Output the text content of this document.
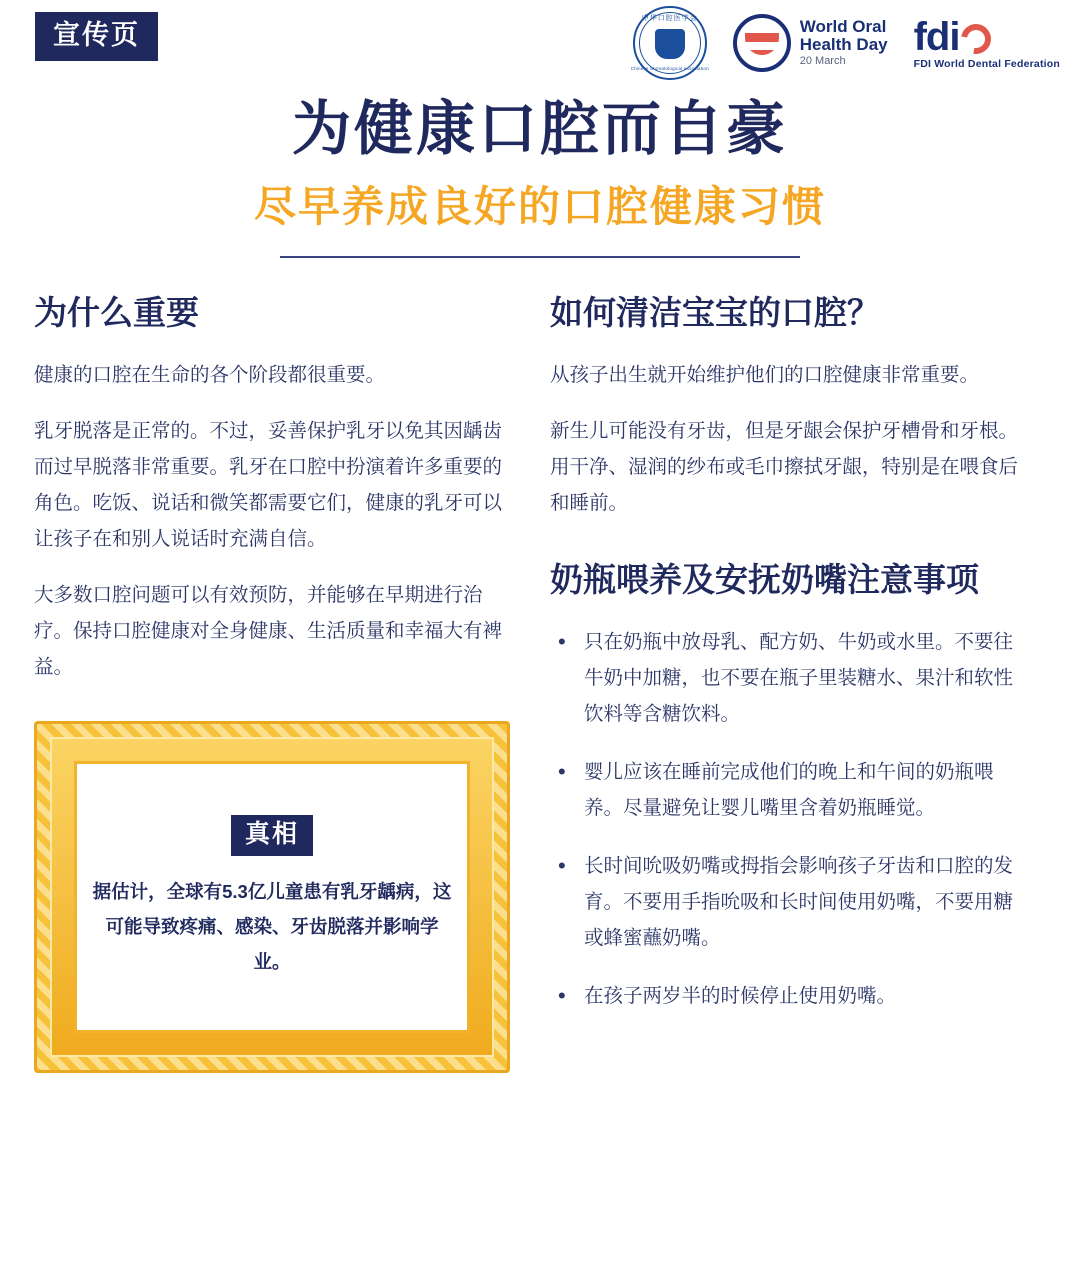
宣传页
中华口腔医学会
Chinese Stomatological Association
World Oral
Health Day
20 March
fdi
FDI World Dental Federation
为健康口腔而自豪
尽早养成良好的口腔健康习惯
为什么重要

健康的口腔在生命的各个阶段都很重要。

乳牙脱落是正常的。不过，妥善保护乳牙以免其因龋齿而过早脱落非常重要。乳牙在口腔中扮演着许多重要的角色。吃饭、说话和微笑都需要它们，健康的乳牙可以让孩子在和别人说话时充满自信。

大多数口腔问题可以有效预防，并能够在早期进行治疗。保持口腔健康对全身健康、生活质量和幸福大有裨益。

真相
据估计，全球有5.3亿儿童患有乳牙龋病，这可能导致疼痛、感染、牙齿脱落并影响学业。
如何清洁宝宝的口腔？

从孩子出生就开始维护他们的口腔健康非常重要。

新生儿可能没有牙齿，但是牙龈会保护牙槽骨和牙根。用干净、湿润的纱布或毛巾擦拭牙龈，特别是在喂食后和睡前。

奶瓶喂养及安抚奶嘴注意事项
• 只在奶瓶中放母乳、配方奶、牛奶或水里。不要往牛奶中加糖，也不要在瓶子里装糖水、果汁和软性饮料等含糖饮料。
• 婴儿应该在睡前完成他们的晚上和午间的奶瓶喂养。尽量避免让婴儿嘴里含着奶瓶睡觉。
• 长时间吮吸奶嘴或拇指会影响孩子牙齿和口腔的发育。不要用手指吮吸和长时间使用奶嘴，不要用糖或蜂蜜蘸奶嘴。
• 在孩子两岁半的时候停止使用奶嘴。
